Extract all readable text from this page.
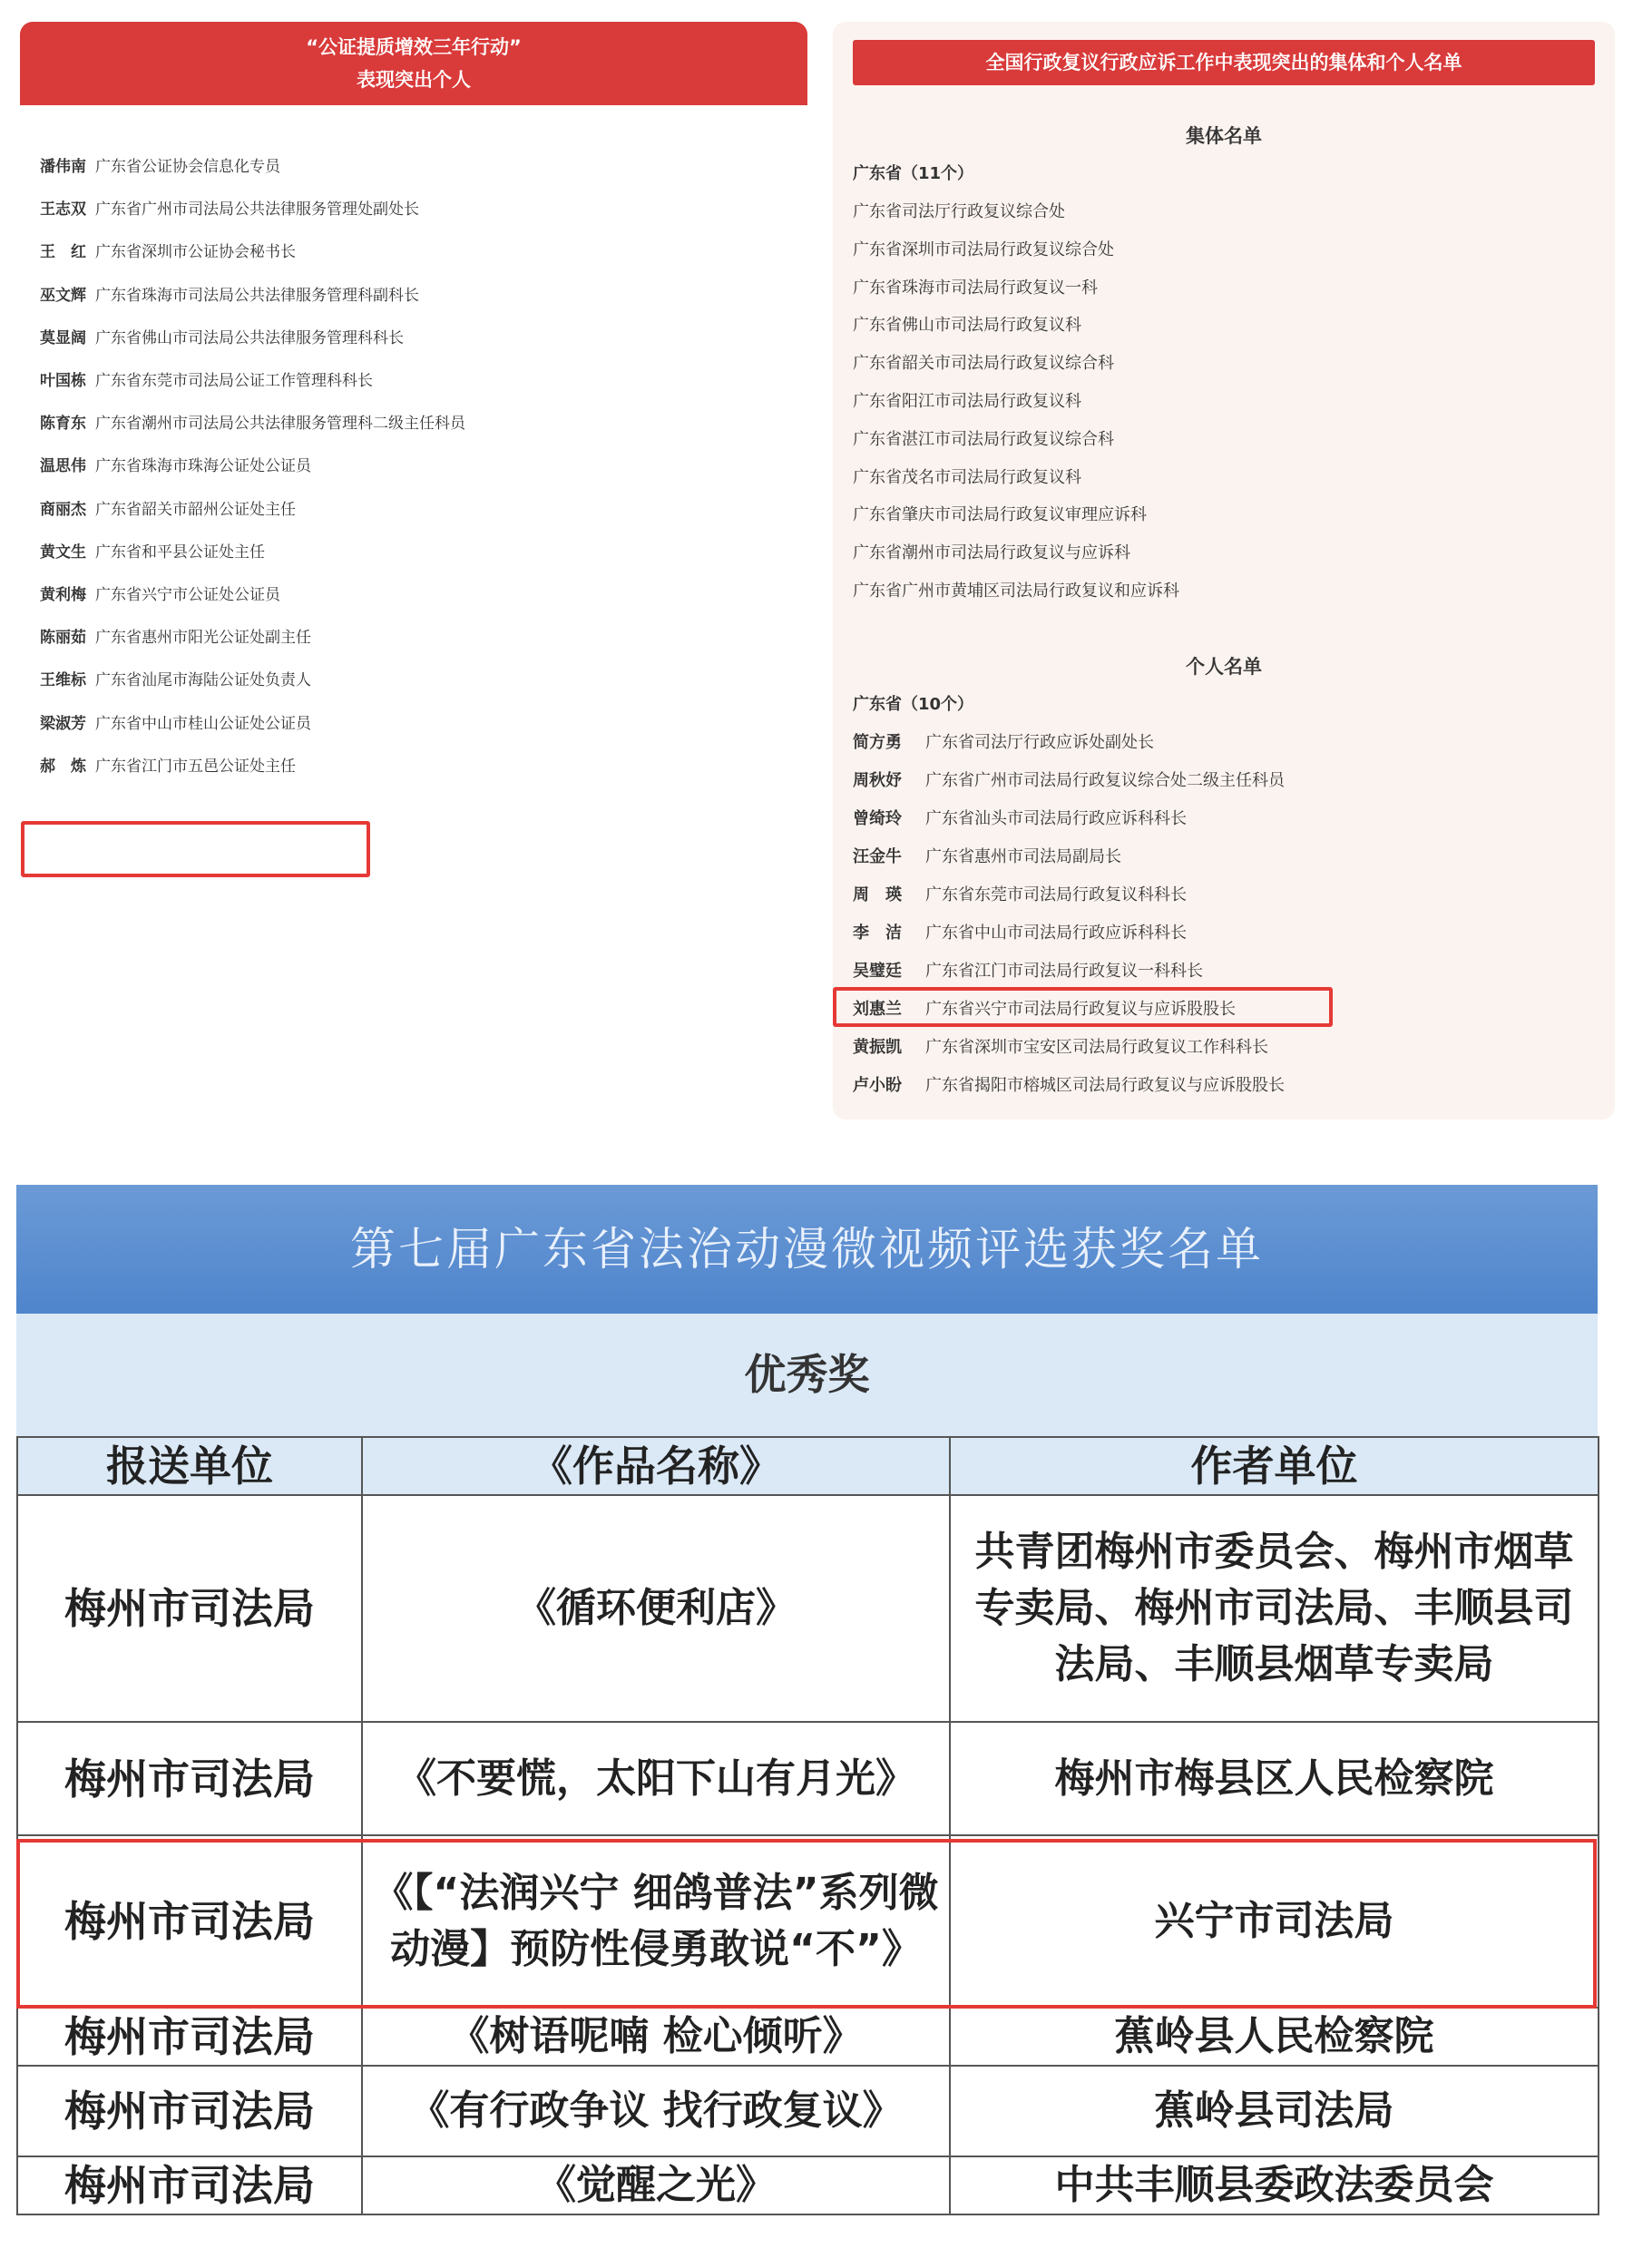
“公证提质增效三年行动”
表现突出个人
潘伟南 广东省公证协会信息化专员
王志双 广东省广州市司法局公共法律服务管理处副处长
王　红 广东省深圳市公证协会秘书长
巫文辉 广东省珠海市司法局公共法律服务管理科副科长
莫显阔 广东省佛山市司法局公共法律服务管理科科长
叶国栋 广东省东莞市司法局公证工作管理科科长
陈育东 广东省潮州市司法局公共法律服务管理科二级主任科员
温思伟 广东省珠海市珠海公证处公证员
商丽杰 广东省韶关市韶州公证处主任
黄文生 广东省和平县公证处主任
黄利梅 广东省兴宁市公证处公证员
陈丽茹 广东省惠州市阳光公证处副主任
王维标 广东省汕尾市海陆公证处负责人
梁淑芳 广东省中山市桂山公证处公证员
郝　炼 广东省江门市五邑公证处主任
全国行政复议行政应诉工作中表现突出的集体和个人名单
集体名单
广东省（11个）
广东省司法厅行政复议综合处
广东省深圳市司法局行政复议综合处
广东省珠海市司法局行政复议一科
广东省佛山市司法局行政复议科
广东省韶关市司法局行政复议综合科
广东省阳江市司法局行政复议科
广东省湛江市司法局行政复议综合科
广东省茂名市司法局行政复议科
广东省肇庆市司法局行政复议审理应诉科
广东省潮州市司法局行政复议与应诉科
广东省广州市黄埔区司法局行政复议和应诉科
个人名单
广东省（10个）
简方勇 广东省司法厅行政应诉处副处长
周秋妤 广东省广州市司法局行政复议综合处二级主任科员
曾绮玲 广东省汕头市司法局行政应诉科科长
汪金牛 广东省惠州市司法局副局长
周　瑛 广东省东莞市司法局行政复议科科长
李　洁 广东省中山市司法局行政应诉科科长
吴璧廷 广东省江门市司法局行政复议一科科长
刘惠兰 广东省兴宁市司法局行政复议与应诉股股长
黄振凯 广东省深圳市宝安区司法局行政复议工作科科长
卢小盼 广东省揭阳市榕城区司法局行政复议与应诉股股长
第七届广东省法治动漫微视频评选获奖名单
优秀奖
报送单位	《作品名称》	作者单位
梅州市司法局	《循环便利店》	共青团梅州市委员会、梅州市烟草专卖局、梅州市司法局、丰顺县司法局、丰顺县烟草专卖局
梅州市司法局	《不要慌，太阳下山有月光》	梅州市梅县区人民检察院
梅州市司法局	《【“法润兴宁 细鸽普法”系列微动漫】预防性侵勇敢说“不”》	兴宁市司法局
梅州市司法局	《树语呢喃 检心倾听》	蕉岭县人民检察院
梅州市司法局	《有行政争议 找行政复议》	蕉岭县司法局
梅州市司法局	《觉醒之光》	中共丰顺县委政法委员会
